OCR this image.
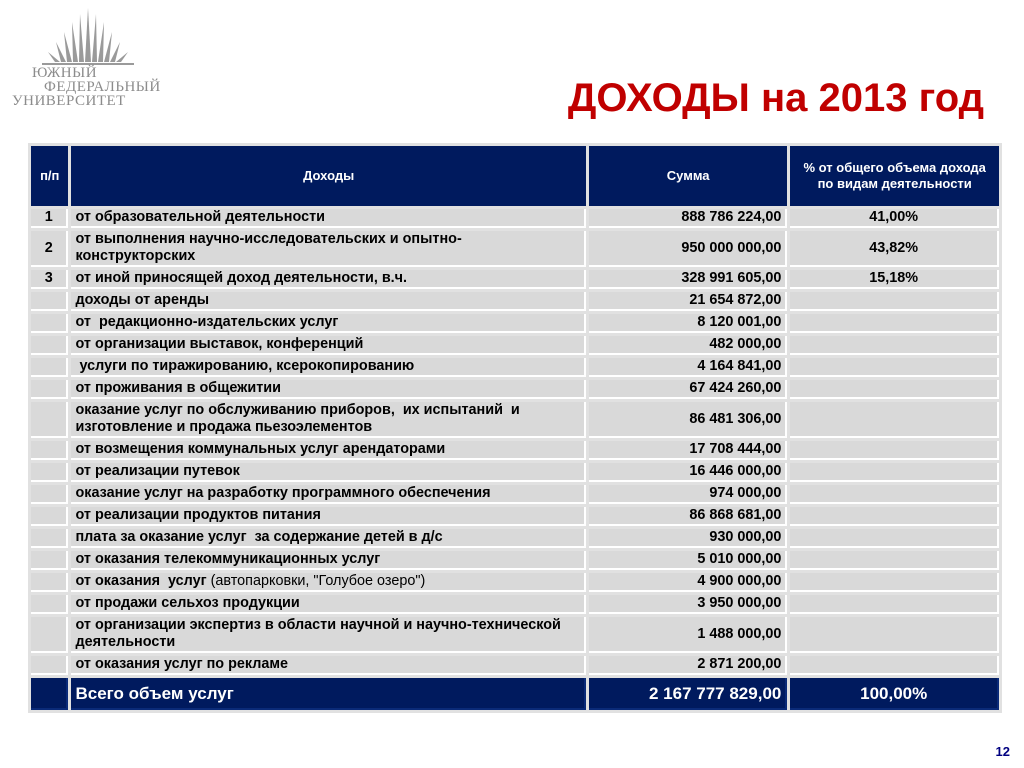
ЮЖНЫЙ
ФЕДЕРАЛЬНЫЙ
УНИВЕРСИТЕТ	ДОХОДЫ на 2013 год
п/п	Доходы	Сумма	% от общего объема дохода по видам деятельности
1	от образовательной деятельности	888 786 224,00	41,00%
2	от выполнения научно-исследовательских и опытно-конструкторских	950 000 000,00	43,82%
3	от иной приносящей доход деятельности, в.ч.	328 991 605,00	15,18%
	доходы от аренды	21 654 872,00	
	от  редакционно-издательских услуг	8 120 001,00	
	от организации выставок, конференций	482 000,00	
	услуги по тиражированию, ксерокопированию	4 164 841,00	
	от проживания в общежитии	67 424 260,00	
	оказание услуг по обслуживанию приборов,  их испытаний  и изготовление и продажа пьезоэлементов	86 481 306,00	
	от возмещения коммунальных услуг арендаторами	17 708 444,00	
	от реализации путевок	16 446 000,00	
	оказание услуг на разработку программного обеспечения	974 000,00	
	от реализации продуктов питания	86 868 681,00	
	плата за оказание услуг  за содержание детей в д/с	930 000,00	
	от оказания телекоммуникационных услуг	5 010 000,00	
	от оказания  услуг (автопарковки, "Голубое озеро")	4 900 000,00	
	от продажи сельхоз продукции	3 950 000,00	
	от организации экспертиз в области научной и научно-технической деятельности	1 488 000,00	
	от оказания услуг по рекламе	2 871 200,00	
	Всего объем услуг	2 167 777 829,00	100,00%
12
